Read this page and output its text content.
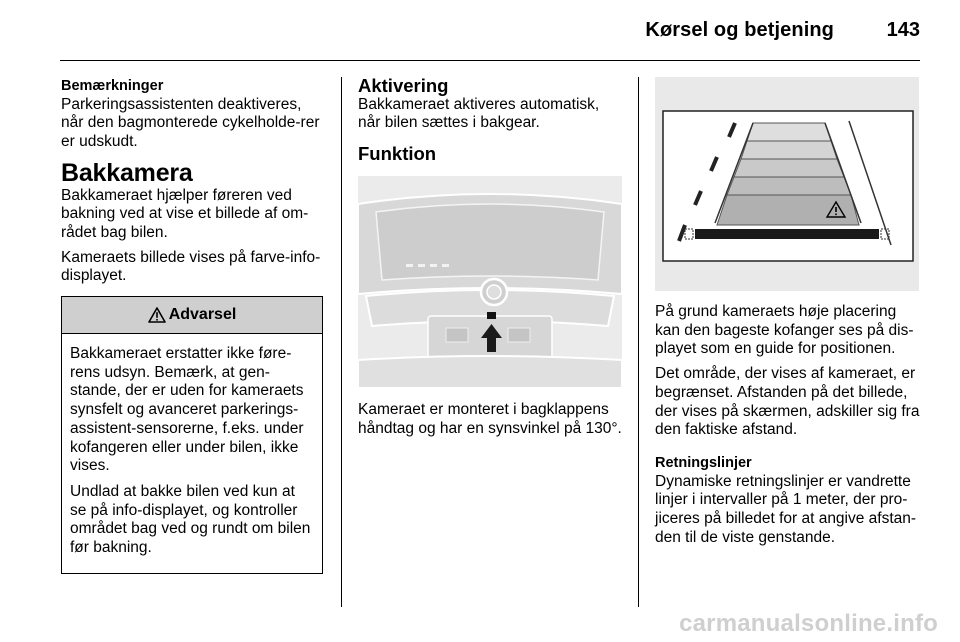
Kørsel og betjening	143
Bemærkninger

Parkeringsassistenten deaktiveres, når den bagmonterede cykelholde-rer er udskudt.

Bakkamera

Bakkameraet hjælper føreren ved bakning ved at vise et billede af om-rådet bag bilen.

Kameraets billede vises på farve-info-displayet.

Advarsel

Bakkameraet erstatter ikke føre-rens udsyn. Bemærk, at gen-stande, der er uden for kameraets synsfelt og avanceret parkerings-assistent-sensorerne, f.eks. under kofangeren eller under bilen, ikke vises.

Undlad at bakke bilen ved kun at se på info-displayet, og kontroller området bag ved og rundt om bilen før bakning.

Aktivering

Bakkameraet aktiveres automatisk, når bilen sættes i bakgear.

Funktion

Kameraet er monteret i bagklappens håndtag og har en synsvinkel på 130°.

På grund kameraets høje placering kan den bageste kofanger ses på dis-playet som en guide for positionen.

Det område, der vises af kameraet, er begrænset. Afstanden på det billede, der vises på skærmen, adskiller sig fra den faktiske afstand.

Retningslinjer

Dynamiske retningslinjer er vandrette linjer i intervaller på 1 meter, der pro-jiceres på billedet for at angive afstan-den til de viste genstande.

carmanualsonline.info
